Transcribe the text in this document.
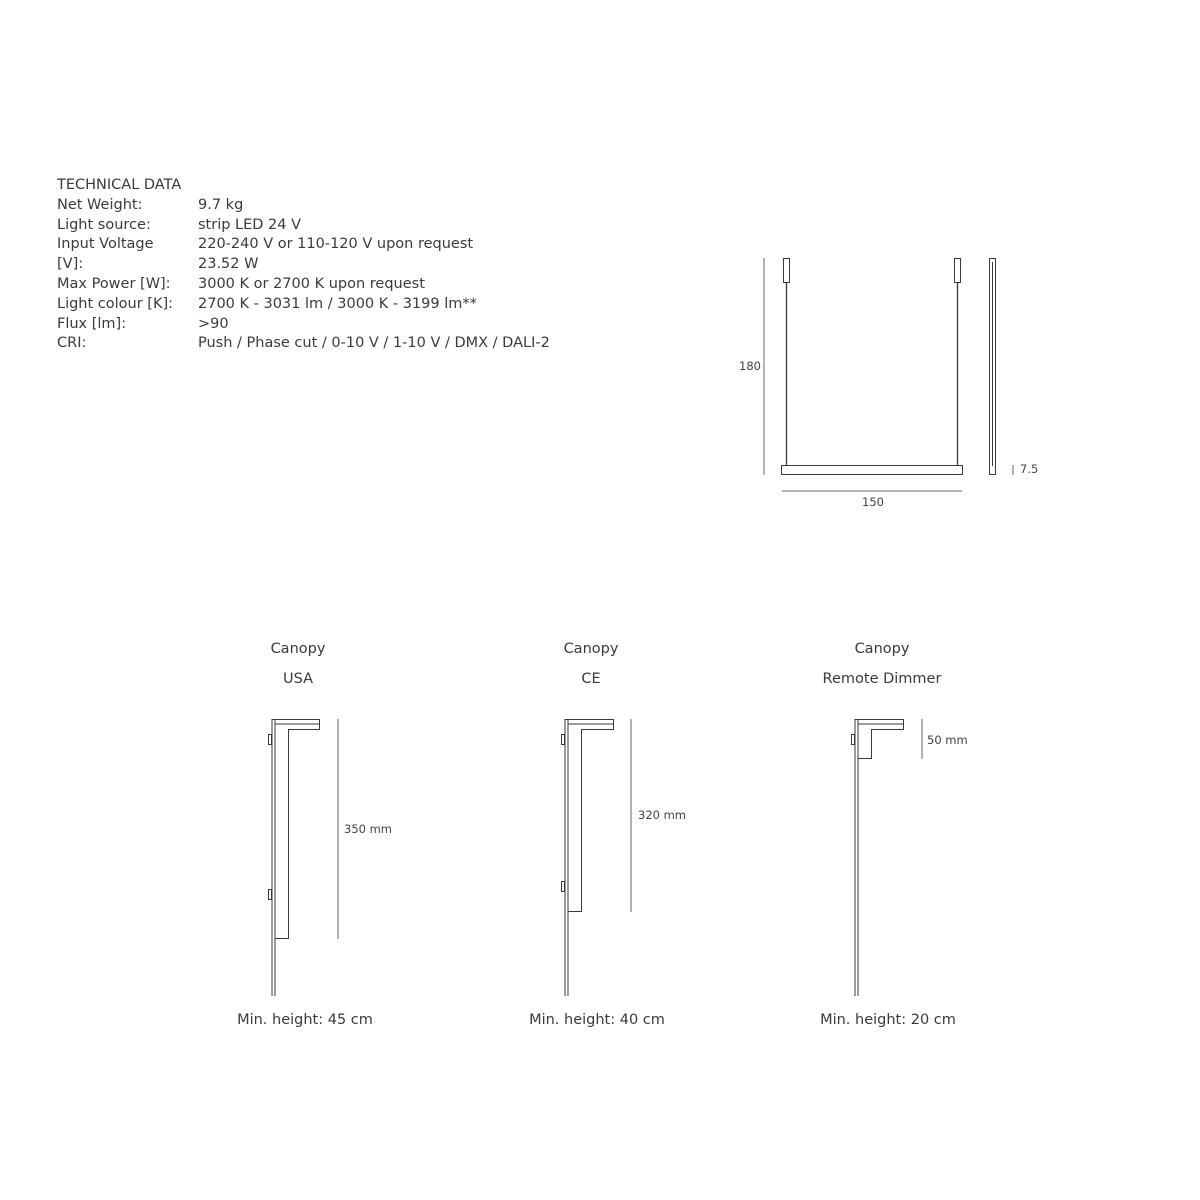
TECHNICAL DATA
Net Weight:	9.7 kg
Light source:	strip LED 24 V
Input Voltage	220-240 V or 110-120 V upon request
[V]:	23.52 W
Max Power [W]:	3000 K or 2700 K upon request
Light colour [K]:	2700 K - 3031 lm / 3000 K - 3199 lm**
Flux [lm]:	>90
CRI:	Push / Phase cut / 0-10 V / 1-10 V / DMX / DALI-2
180
150
7.5
Canopy
USA
350 mm
Min. height: 45 cm
Canopy
CE
320 mm
Min. height: 40 cm
Canopy
Remote Dimmer
50 mm
Min. height: 20 cm
